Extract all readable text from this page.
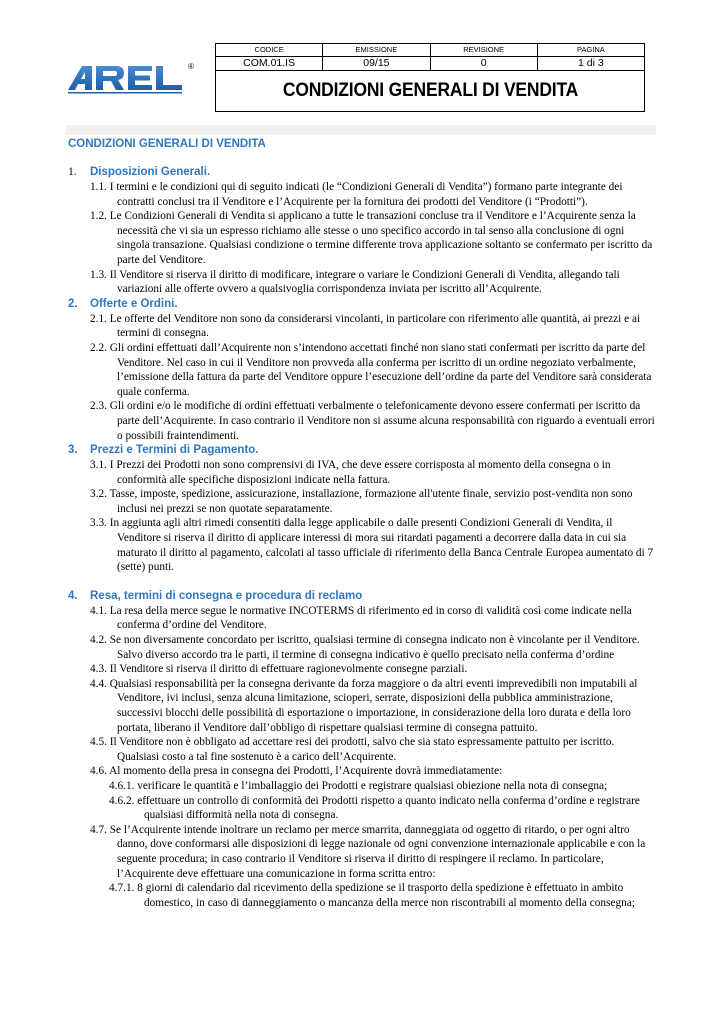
®
CODICE	EMISSIONE	REVISIONE	PAGINA
COM.01.IS	09/15	0	1 di 3
CONDIZIONI GENERALI DI VENDITA			
CONDIZIONI GENERALI DI VENDITA
1. Disposizioni Generali.
1.1. I termini e le condizioni qui di seguito indicati (le “Condizioni Generali di Vendita”) formano parte integrante dei contratti conclusi tra il Venditore e l’Acquirente per la fornitura dei prodotti del Venditore (i “Prodotti”).
1.2. Le Condizioni Generali di Vendita si applicano a tutte le transazioni concluse tra il Venditore e l’Acquirente senza la necessità che vi sia un espresso richiamo alle stesse o uno specifico accordo in tal senso alla conclusione di ogni singola transazione. Qualsiasi condizione o termine differente trova applicazione soltanto se confermato per iscritto da parte del Venditore.
1.3. Il Venditore si riserva il diritto di modificare, integrare o variare le Condizioni Generali di Vendita, allegando tali variazioni alle offerte ovvero a qualsivoglia corrispondenza inviata per iscritto all’Acquirente.
2. Offerte e Ordini.
2.1. Le offerte del Venditore non sono da considerarsi vincolanti, in particolare con riferimento alle quantità, ai prezzi e ai termini di consegna.
2.2. Gli ordini effettuati dall’Acquirente non s’intendono accettati finché non siano stati confermati per iscritto da parte del Venditore. Nel caso in cui il Venditore non provveda alla conferma per iscritto di un ordine negoziato verbalmente, l’emissione della fattura da parte del Venditore oppure l’esecuzione dell’ordine da parte del Venditore sarà considerata quale conferma.
2.3. Gli ordini e/o le modifiche di ordini effettuati verbalmente o telefonicamente devono essere confermati per iscritto da parte dell’Acquirente. In caso contrario il Venditore non si assume alcuna responsabilità con riguardo a eventuali errori o possibili fraintendimenti.
3. Prezzi e Termini di Pagamento.
3.1. I Prezzi dei Prodotti non sono comprensivi di IVA, che deve essere corrisposta al momento della consegna o in conformità alle specifiche disposizioni indicate nella fattura.
3.2. Tasse, imposte, spedizione, assicurazione, installazione, formazione all'utente finale, servizio post-vendita non sono inclusi nei prezzi se non quotate separatamente.
3.3. In aggiunta agli altri rimedi consentiti dalla legge applicabile o dalle presenti Condizioni Generali di Vendita, il Venditore si riserva il diritto di applicare interessi di mora sui ritardati pagamenti a decorrere dalla data in cui sia maturato il diritto al pagamento, calcolati al tasso ufficiale di riferimento della Banca Centrale Europea aumentato di 7 (sette) punti.
4. Resa, termini di consegna e procedura di reclamo
4.1. La resa della merce segue le normative INCOTERMS di riferimento ed in corso di validità così come indicate nella conferma d’ordine del Venditore.
4.2. Se non diversamente concordato per iscritto, qualsiasi termine di consegna indicato non è vincolante per il Venditore. Salvo diverso accordo tra le parti, il termine di consegna indicativo è quello precisato nella conferma d’ordine
4.3. Il Venditore si riserva il diritto di effettuare ragionevolmente consegne parziali.
4.4. Qualsiasi responsabilità per la consegna derivante da forza maggiore o da altri eventi imprevedibili non imputabili al Venditore, ivi inclusi, senza alcuna limitazione, scioperi, serrate, disposizioni della pubblica amministrazione, successivi blocchi delle possibilità di esportazione o importazione, in considerazione della loro durata e della loro portata, liberano il Venditore dall’obbligo di rispettare qualsiasi termine di consegna pattuito.
4.5. Il Venditore non è obbligato ad accettare resi dei prodotti, salvo che sia stato espressamente pattuito per iscritto. Qualsiasi costo a tal fine sostenuto è a carico dell’Acquirente.
4.6. Al momento della presa in consegna dei Prodotti, l’Acquirente dovrà immediatamente:
4.6.1. verificare le quantità e l’imballaggio dei Prodotti e registrare qualsiasi obiezione nella nota di consegna;
4.6.2. effettuare un controllo di conformità dei Prodotti rispetto a quanto indicato nella conferma d’ordine e registrare qualsiasi difformità nella nota di consegna.
4.7. Se l’Acquirente intende inoltrare un reclamo per merce smarrita, danneggiata od oggetto di ritardo, o per ogni altro danno, dove conformarsi alle disposizioni di legge nazionale od ogni convenzione internazionale applicabile e con la seguente procedura; in caso contrario il Venditore si riserva il diritto di respingere il reclamo. In particolare, l’Acquirente deve effettuare una comunicazione in forma scritta entro:
4.7.1. 8 giorni di calendario dal ricevimento della spedizione se il trasporto della spedizione è effettuato in ambito domestico, in caso di danneggiamento o mancanza della merce non riscontrabili al momento della consegna;
